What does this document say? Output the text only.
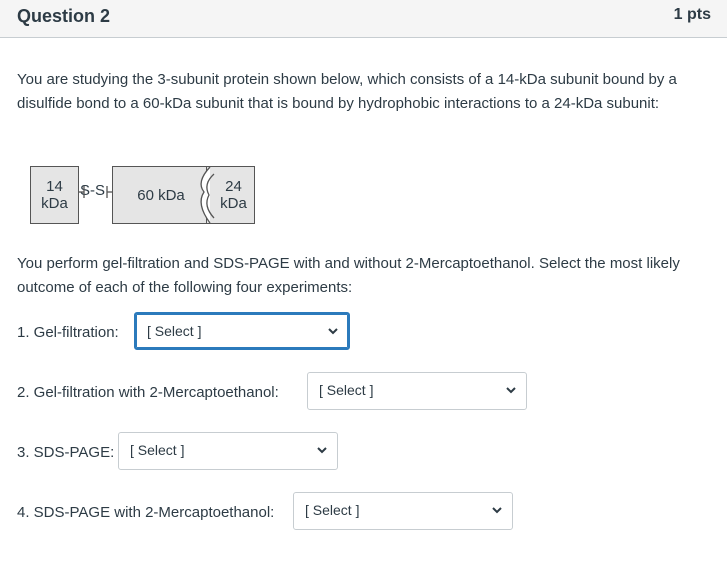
Question 2	1 pts
You are studying the 3-subunit protein shown below, which consists of a 14-kDa subunit bound by a disulfide bond to a 60-kDa subunit that is bound by hydrophobic interactions to a 24-kDa subunit:
14
kDa	60 kDa	24
kDa
S-S
You perform gel-filtration and SDS-PAGE with and without 2-Mercaptoethanol. Select the most likely outcome of each of the following four experiments:
1. Gel-filtration: [ Select ]
2. Gel-filtration with 2-Mercaptoethanol:	[ Select ]
3. SDS-PAGE: [ Select ]
4. SDS-PAGE with 2-Mercaptoethanol: [ Select ]
